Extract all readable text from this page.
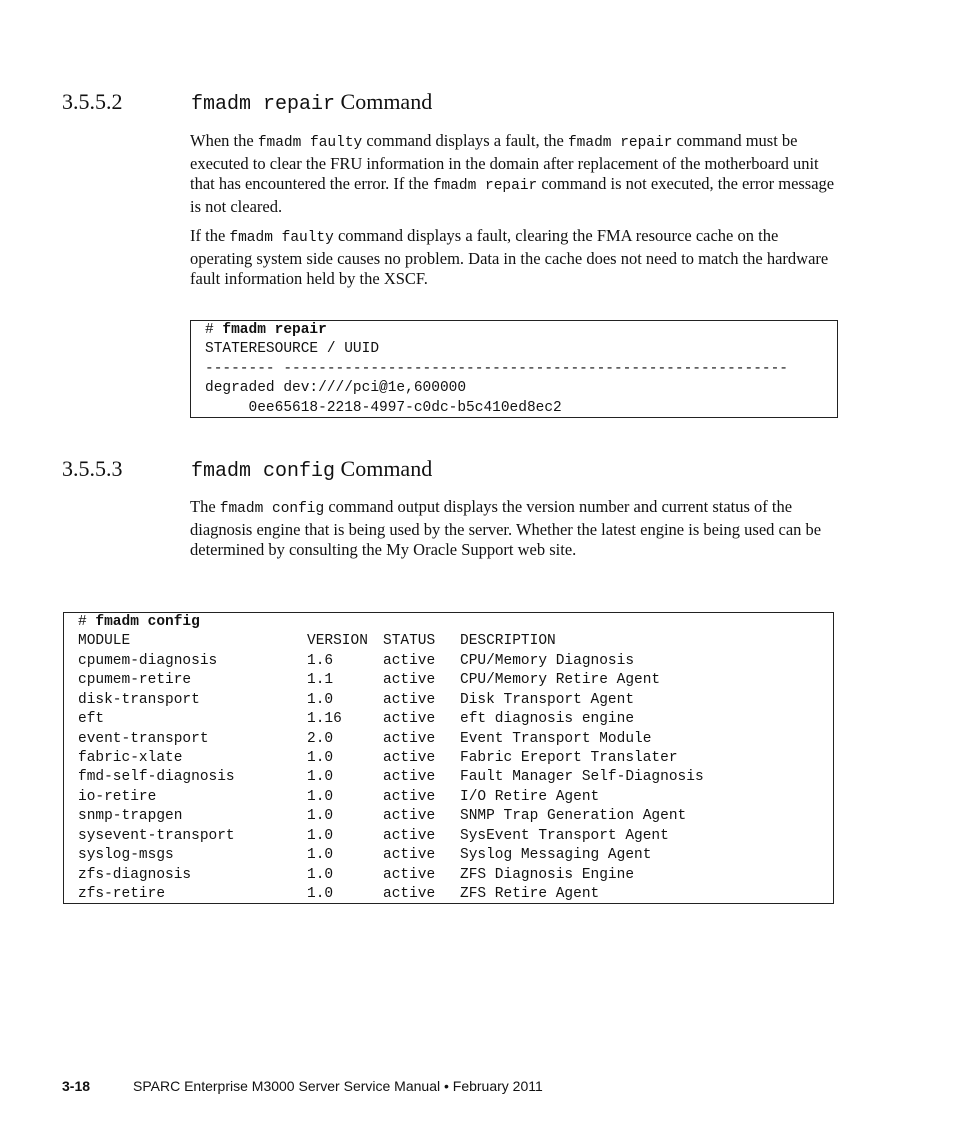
3.5.5.2	fmadm repair Command

When the fmadm faulty command displays a fault, the fmadm repair command must be executed to clear the FRU information in the domain after replacement of the motherboard unit that has encountered the error. If the fmadm repair command is not executed, the error message is not cleared.

If the fmadm faulty command displays a fault, clearing the FMA resource cache on the operating system side causes no problem. Data in the cache does not need to match the hardware fault information held by the XSCF.

# fmadm repair
STATERESOURCE / UUID
-------- ----------------------------------------------------------
degraded dev:////pci@1e,600000
0ee65618-2218-4997-c0dc-b5c410ed8ec2
3.5.5.3	fmadm config Command

The fmadm config command output displays the version number and current status of the diagnosis engine that is being used by the server. Whether the latest engine is being used can be determined by consulting the My Oracle Support web site.

# fmadm config
MODULE	VERSION	STATUS	DESCRIPTION
cpumem-diagnosis	1.6	active	CPU/Memory Diagnosis
cpumem-retire	1.1	active	CPU/Memory Retire Agent
disk-transport	1.0	active	Disk Transport Agent
eft	1.16	active	eft diagnosis engine
event-transport	2.0	active	Event Transport Module
fabric-xlate	1.0	active	Fabric Ereport Translater
fmd-self-diagnosis	1.0	active	Fault Manager Self-Diagnosis
io-retire	1.0	active	I/O Retire Agent
snmp-trapgen	1.0	active	SNMP Trap Generation Agent
sysevent-transport	1.0	active	SysEvent Transport Agent
syslog-msgs	1.0	active	Syslog Messaging Agent
zfs-diagnosis	1.0	active	ZFS Diagnosis Engine
zfs-retire	1.0	active	ZFS Retire Agent
3-18	SPARC Enterprise M3000 Server Service Manual • February 2011
